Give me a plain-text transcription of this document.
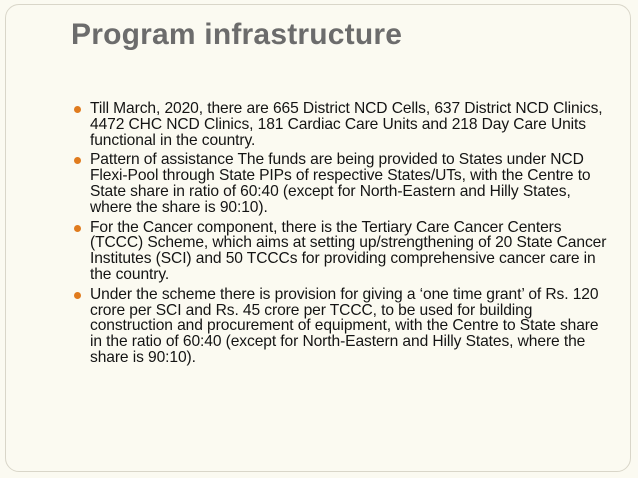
Program infrastructure
Till March, 2020, there are 665 District NCD Cells, 637 District NCD Clinics, 4472 CHC NCD Clinics, 181 Cardiac Care Units and 218 Day Care Units functional in the country.
Pattern of assistance The funds are being provided to States under NCD Flexi-Pool through State PIPs of respective States/UTs, with the Centre to State share in ratio of 60:40 (except for North-Eastern and Hilly States, where the share is 90:10).
For the Cancer component, there is the Tertiary Care Cancer Centers (TCCC) Scheme, which aims at setting up/strengthening of 20 State Cancer Institutes (SCI) and 50 TCCCs for providing comprehensive cancer care in the country.
Under the scheme there is provision for giving a ‘one time grant’ of Rs. 120 crore per SCI and Rs. 45 crore per TCCC, to be used for building construction and procurement of equipment, with the Centre to State share in the ratio of 60:40 (except for North-Eastern and Hilly States, where the share is 90:10).
